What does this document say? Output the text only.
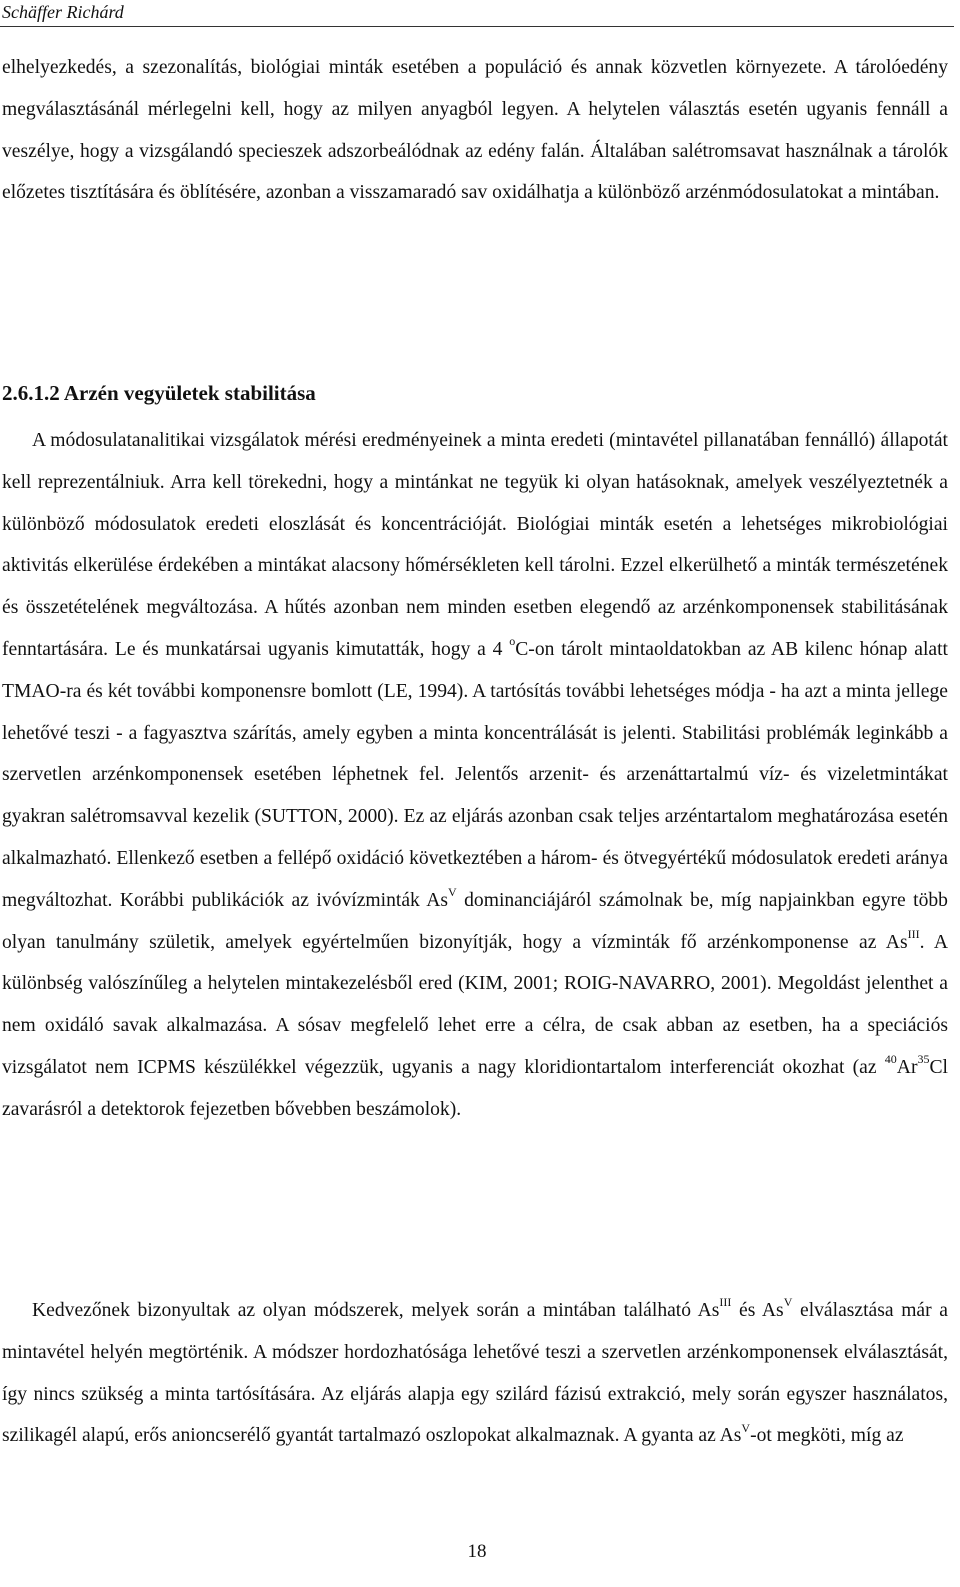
Schäffer Richárd

elhelyezkedés, a szezonalítás, biológiai minták esetében a populáció és annak közvetlen környezete. A tárolóedény megválasztásánál mérlegelni kell, hogy az milyen anyagból legyen. A helytelen választás esetén ugyanis fennáll a veszélye, hogy a vizsgálandó specieszek adszorbeálódnak az edény falán. Általában salétromsavat használnak a tárolók előzetes tisztítására és öblítésére, azonban a visszamaradó sav oxidálhatja a különböző arzénmódosulatokat a mintában.

2.6.1.2 Arzén vegyületek stabilitása

A módosulatanalitikai vizsgálatok mérési eredményeinek a minta eredeti (mintavétel pillanatában fennálló) állapotát kell reprezentálniuk. Arra kell törekedni, hogy a mintánkat ne tegyük ki olyan hatásoknak, amelyek veszélyeztetnék a különböző módosulatok eredeti eloszlását és koncentrációját. Biológiai minták esetén a lehetséges mikrobiológiai aktivitás elkerülése érdekében a mintákat alacsony hőmérsékleten kell tárolni. Ezzel elkerülhető a minták természetének és összetételének megváltozása. A hűtés azonban nem minden esetben elegendő az arzénkomponensek stabilitásának fenntartására. Le és munkatársai ugyanis kimutatták, hogy a 4 $^o$C-on tárolt mintaoldatokban az AB kilenc hónap alatt TMAO-ra és két további komponensre bomlott (LE, 1994). A tartósítás további lehetséges módja - ha azt a minta jellege lehetővé teszi - a fagyasztva szárítás, amely egyben a minta koncentrálását is jelenti. Stabilitási problémák leginkább a szervetlen arzénkomponensek esetében léphetnek fel. Jelentős arzenit- és arzenáttartalmú víz- és vizeletmintákat gyakran salétromsavval kezelik (SUTTON, 2000). Ez az eljárás azonban csak teljes arzéntartalom meghatározása esetén alkalmazható. Ellenkező esetben a fellépő oxidáció következtében a három- és ötvegyértékű módosulatok eredeti aránya megváltozhat. Korábbi publikációk az ivóvízminták $As^V$ dominanciájáról számolnak be, míg napjainkban egyre több olyan tanulmány születik, amelyek egyértelműen bizonyítják, hogy a vízminták fő arzénkomponense az $As^{III}$. A különbség valószínűleg a helytelen mintakezelésből ered (KIM, 2001; ROIG-NAVARRO, 2001). Megoldást jelenthet a nem oxidáló savak alkalmazása. A sósav megfelelő lehet erre a célra, de csak abban az esetben, ha a speciációs vizsgálatot nem ICPMS készülékkel végezzük, ugyanis a nagy kloridiontartalom interferenciát okozhat (az $^{40}$Ar$^{35}$Cl zavarásról a detektorok fejezetben bővebben beszámolok).

Kedvezőnek bizonyultak az olyan módszerek, melyek során a mintában található $As^{III}$ és $As^V$ elválasztása már a mintavétel helyén megtörténik. A módszer hordozhatósága lehetővé teszi a szervetlen arzénkomponensek elválasztását, így nincs szükség a minta tartósítására. Az eljárás alapja egy szilárd fázisú extrakció, mely során egyszer használatos, szilikagél alapú, erős anioncserélő gyantát tartalmazó oszlopokat alkalmaznak. A gyanta az $As^V-ot$ megköti, míg az

18
